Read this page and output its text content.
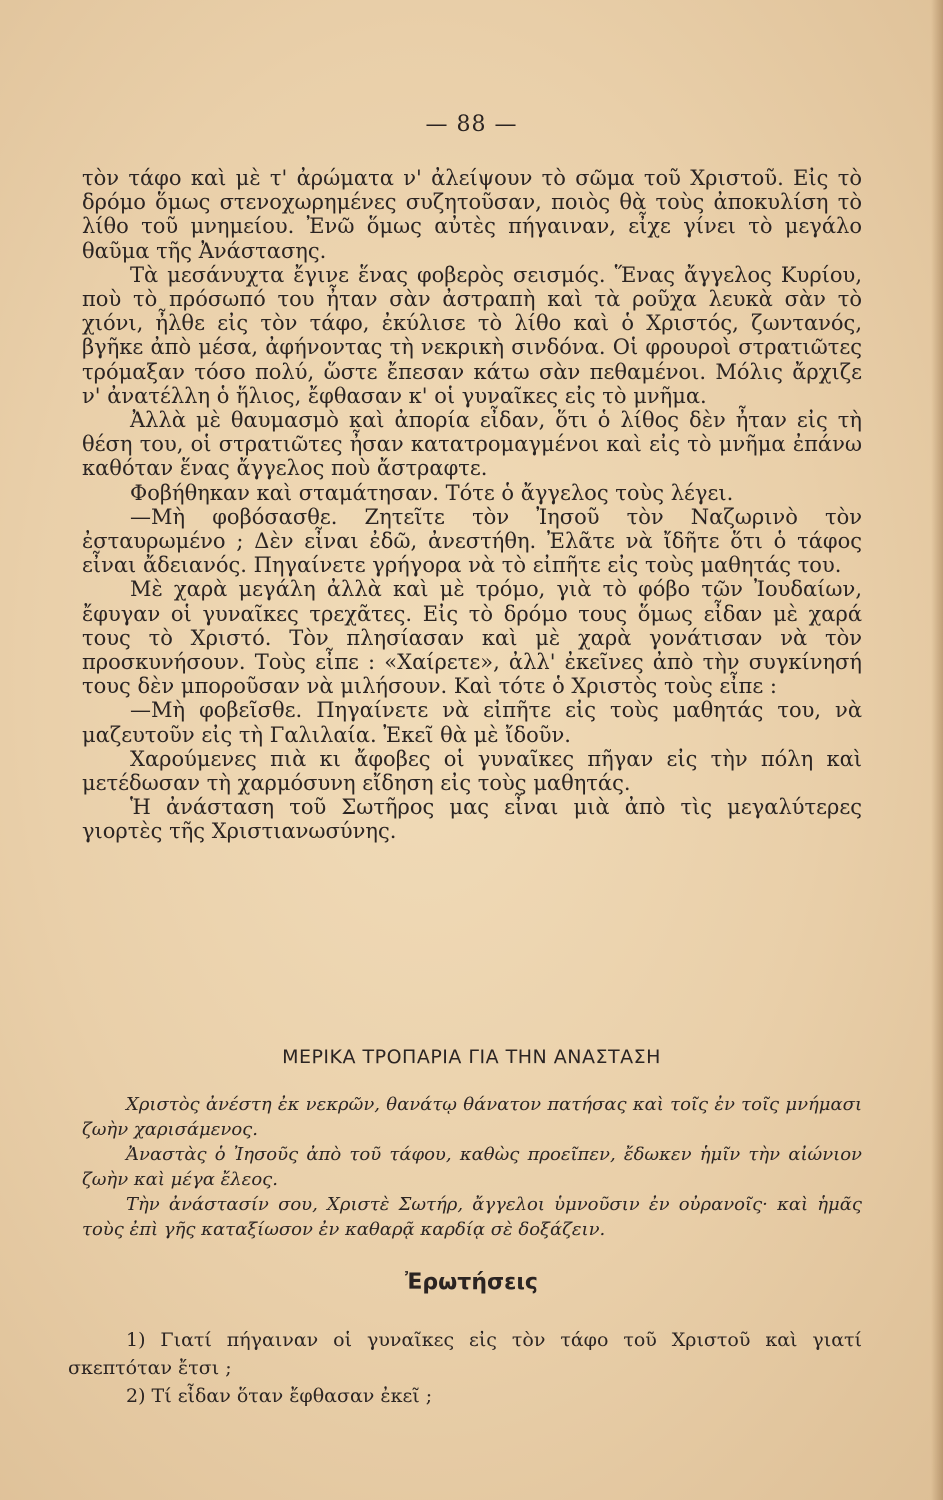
— 88 —

τὸν τάφο καὶ μὲ τ' ἀρώματα ν' ἀλείψουν τὸ σῶμα τοῦ Χριστοῦ. Εἰς τὸ δρόμο ὅμως στενοχωρημένες συζητοῦσαν, ποιὸς θὰ τοὺς ἀποκυλίση τὸ λίθο τοῦ μνημείου. Ἐνῶ ὅμως αὐτὲς πήγαιναν, εἶχε γίνει τὸ μεγάλο θαῦμα τῆς Ἀνάστασης.

Τὰ μεσάνυχτα ἔγινε ἕνας φοβερὸς σεισμός. Ἕνας ἄγγελος Κυρίου, ποὺ τὸ πρόσωπό του ἦταν σὰν ἀστραπὴ καὶ τὰ ροῦχα λευκὰ σὰν τὸ χιόνι, ἦλθε εἰς τὸν τάφο, ἐκύλισε τὸ λίθο καὶ ὁ Χριστός, ζωντανός, βγῆκε ἀπὸ μέσα, ἀφήνοντας τὴ νεκρικὴ σινδόνα. Οἱ φρουροὶ στρατιῶτες τρόμαξαν τόσο πολύ, ὥστε ἔπεσαν κάτω σὰν πεθαμένοι. Μόλις ἄρχιζε ν' ἀνατέλλη ὁ ἥλιος, ἔφθασαν κ' οἱ γυναῖκες εἰς τὸ μνῆμα.

Ἀλλὰ μὲ θαυμασμὸ καὶ ἀπορία εἶδαν, ὅτι ὁ λίθος δὲν ἦταν εἰς τὴ θέση του, οἱ στρατιῶτες ἦσαν κατατρομαγμένοι καὶ εἰς τὸ μνῆμα ἐπάνω καθόταν ἕνας ἄγγελος ποὺ ἄστραφτε.

Φοβήθηκαν καὶ σταμάτησαν. Τότε ὁ ἄγγελος τοὺς λέγει.

—Μὴ φοβόσασθε. Ζητεῖτε τὸν Ἰησοῦ τὸν Ναζωρινὸ τὸν ἐσταυρωμένο ; Δὲν εἶναι ἐδῶ, ἀνεστήθη. Ἐλᾶτε νὰ ἴδῆτε ὅτι ὁ τάφος εἶναι ἄδειανός. Πηγαίνετε γρήγορα νὰ τὸ εἰπῆτε εἰς τοὺς μαθητάς του.

Μὲ χαρὰ μεγάλη ἀλλὰ καὶ μὲ τρόμο, γιὰ τὸ φόβο τῶν Ἰουδαίων, ἔφυγαν οἱ γυναῖκες τρεχᾶτες. Εἰς τὸ δρόμο τους ὅμως εἶδαν μὲ χαρά τους τὸ Χριστό. Τὸν πλησίασαν καὶ μὲ χαρὰ γονάτισαν νὰ τὸν προσκυνήσουν. Τοὺς εἶπε : «Χαίρετε», ἀλλ' ἐκεῖνες ἀπὸ τὴν συγκίνησή τους δὲν μποροῦσαν νὰ μιλήσουν. Καὶ τότε ὁ Χριστὸς τοὺς εἶπε :

—Μὴ φοβεῖσθε. Πηγαίνετε νὰ εἰπῆτε εἰς τοὺς μαθητάς του, νὰ μαζευτοῦν εἰς τὴ Γαλιλαία. Ἐκεῖ θὰ μὲ ἴδοῦν.

Χαρούμενες πιὰ κι ἄφοβες οἱ γυναῖκες πῆγαν εἰς τὴν πόλη καὶ μετέδωσαν τὴ χαρμόσυνη εἴδηση εἰς τοὺς μαθητάς.

Ἡ ἀνάσταση τοῦ Σωτῆρος μας εἶναι μιὰ ἀπὸ τὶς μεγαλύτερες γιορτὲς τῆς Χριστιανωσύνης.

ΜΕΡΙΚΑ ΤΡΟΠΑΡΙΑ ΓΙΑ ΤΗΝ ΑΝΑΣΤΑΣΗ

Χριστὸς ἀνέστη ἐκ νεκρῶν, θανάτῳ θάνατον πατήσας καὶ τοῖς ἐν τοῖς μνήμασι ζωὴν χαρισάμενος.

Ἀναστὰς ὁ Ἰησοῦς ἀπὸ τοῦ τάφου, καθὼς προεῖπεν, ἔδωκεν ἡμῖν τὴν αἰώνιον ζωὴν καὶ μέγα ἔλεος.

Τὴν ἀνάστασίν σου, Χριστὲ Σωτήρ, ἄγγελοι ὑμνοῦσιν ἐν οὐρανοῖς· καὶ ἡμᾶς τοὺς ἐπὶ γῆς καταξίωσον ἐν καθαρᾷ καρδίᾳ σὲ δοξάζειν.

Ἐρωτήσεις

1) Γιατί πήγαιναν οἱ γυναῖκες εἰς τὸν τάφο τοῦ Χριστοῦ καὶ γιατί σκεπτόταν ἔτσι ;

2) Τί εἶδαν ὅταν ἔφθασαν ἐκεῖ ;
